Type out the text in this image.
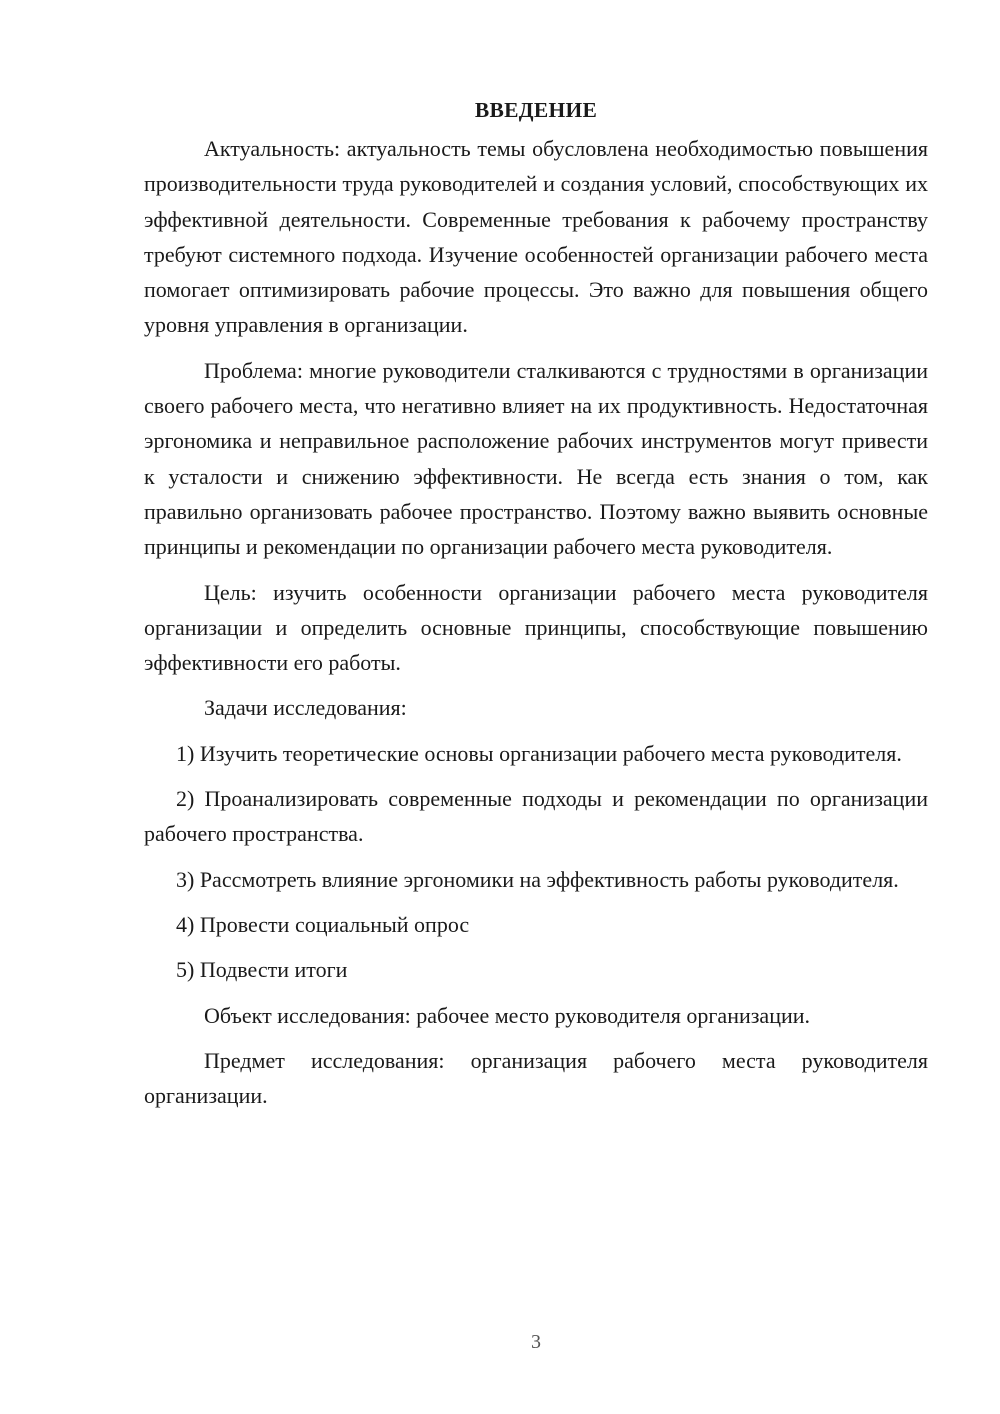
ВВЕДЕНИЕ

Актуальность: актуальность темы обусловлена необходимостью повышения производительности труда руководителей и создания условий, способствующих их эффективной деятельности. Современные требования к рабочему пространству требуют системного подхода. Изучение особенностей организации рабочего места помогает оптимизировать рабочие процессы. Это важно для повышения общего уровня управления в организации.

Проблема: многие руководители сталкиваются с трудностями в организации своего рабочего места, что негативно влияет на их продуктивность. Недостаточная эргономика и неправильное расположение рабочих инструментов могут привести к усталости и снижению эффективности. Не всегда есть знания о том, как правильно организовать рабочее пространство. Поэтому важно выявить основные принципы и рекомендации по организации рабочего места руководителя.

Цель: изучить особенности организации рабочего места руководителя организации и определить основные принципы, способствующие повышению эффективности его работы.

Задачи исследования:

1) Изучить теоретические основы организации рабочего места руководителя.

2) Проанализировать современные подходы и рекомендации по организации рабочего пространства.

3) Рассмотреть влияние эргономики на эффективность работы руководителя.

4) Провести социальный опрос

5) Подвести итоги

Объект исследования: рабочее место руководителя организации.

Предмет исследования: организация рабочего места руководителя организации.

3
